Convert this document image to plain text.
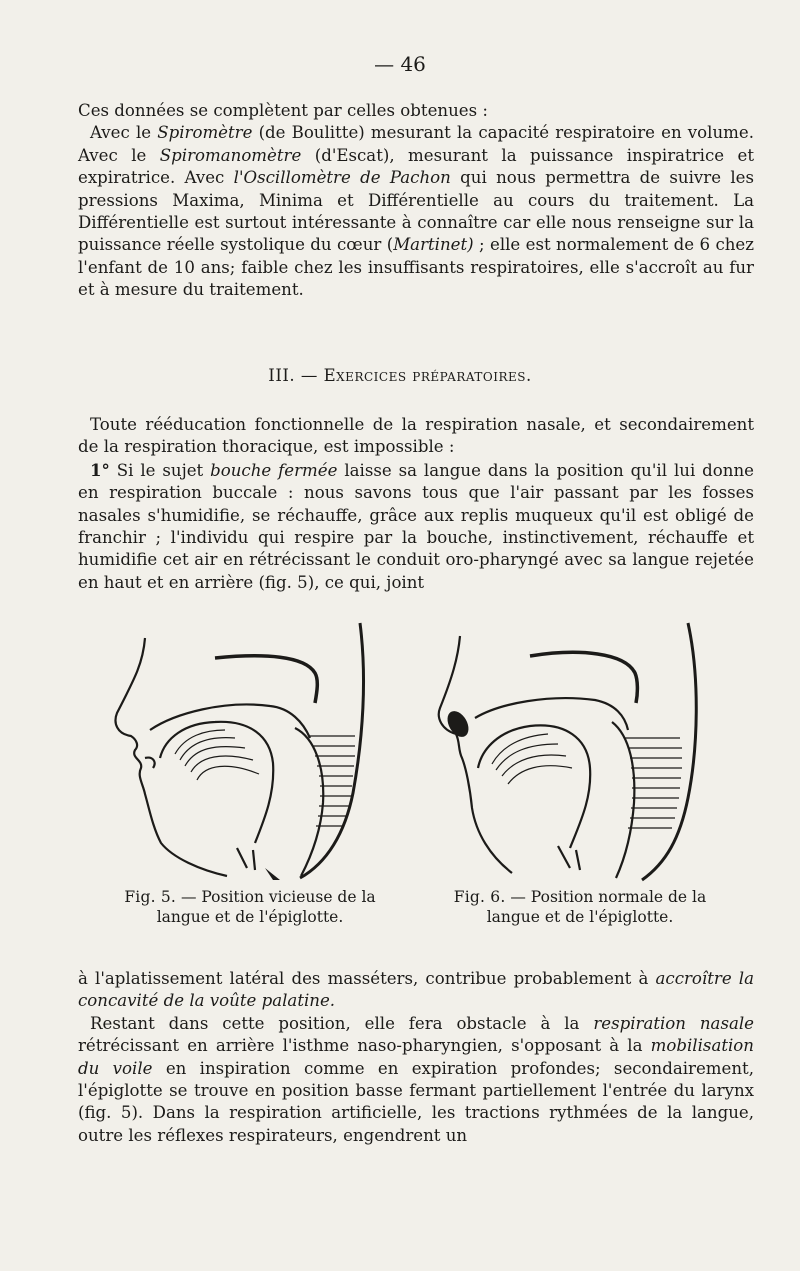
— 46

Ces données se complètent par celles obtenues :

Avec le Spiromètre (de Boulitte) mesurant la capacité respiratoire en volume. Avec le Spiromanomètre (d'Escat), mesurant la puissance inspiratrice et expiratrice. Avec l'Oscillomètre de Pachon qui nous permettra de suivre les pressions Maxima, Minima et Différentielle au cours du traitement. La Différentielle est surtout intéressante à connaître car elle nous renseigne sur la puissance réelle systolique du cœur (Martinet) ; elle est normalement de 6 chez l'enfant de 10 ans; faible chez les insuffisants respiratoires, elle s'accroît au fur et à mesure du traitement.

III. — Exercices préparatoires.

Toute rééducation fonctionnelle de la respiration nasale, et secondairement de la respiration thoracique, est impossible :

1° Si le sujet bouche fermée laisse sa langue dans la position qu'il lui donne en respiration buccale : nous savons tous que l'air passant par les fosses nasales s'humidifie, se réchauffe, grâce aux replis muqueux qu'il est obligé de franchir ; l'individu qui respire par la bouche, instinctivement, réchauffe et humidifie cet air en rétrécissant le conduit oro-pharyngé avec sa langue rejetée en haut et en arrière (fig. 5), ce qui, joint

Fig. 5. — Position vicieuse de la langue et de l'épiglotte.
Fig. 6. — Position normale de la langue et de l'épiglotte.

à l'aplatissement latéral des masséters, contribue probablement à accroître la concavité de la voûte palatine.

Restant dans cette position, elle fera obstacle à la respiration nasale rétrécissant en arrière l'isthme naso-pharyngien, s'opposant à la mobilisation du voile en inspiration comme en expiration profondes; secondairement, l'épiglotte se trouve en position basse fermant partiellement l'entrée du larynx (fig. 5). Dans la respiration artificielle, les tractions rythmées de la langue, outre les réflexes respirateurs, engendrent un
